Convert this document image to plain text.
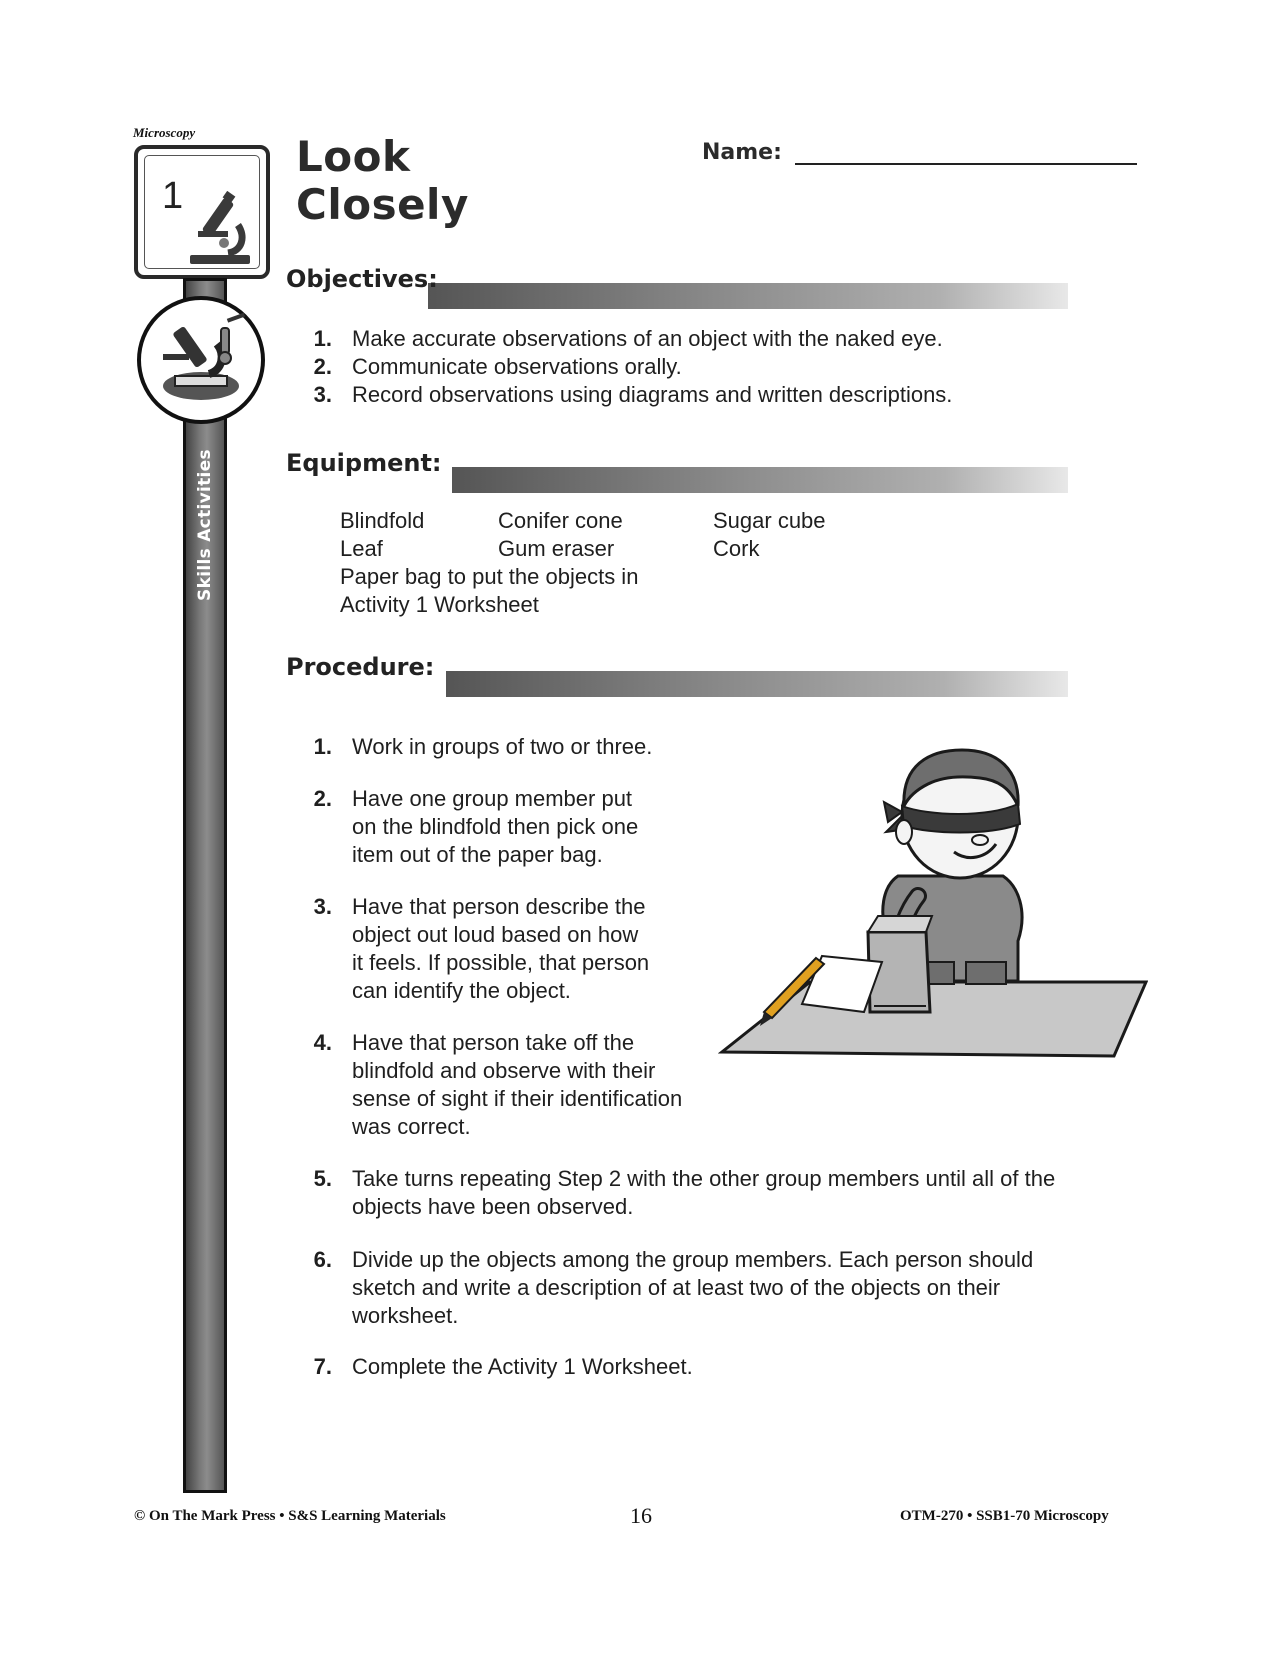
Microscopy
1
Skills Activities
Look
Closely
Name:
Objectives:
1. Make accurate observations of an object with the naked eye.
2. Communicate observations orally.
3. Record observations using diagrams and written descriptions.
Equipment:
Blindfold
Leaf
Conifer cone
Gum eraser
Sugar cube
Cork
Paper bag to put the objects in
Activity 1 Worksheet
Procedure:
1. Work in groups of two or three.
2. Have one group member put
on the blindfold then pick one
item out of the paper bag.
3. Have that person describe the
object out loud based on how
it feels. If possible, that person
can identify the object.
4. Have that person take off the
blindfold and observe with their
sense of sight if their identification
was correct.
5. Take turns repeating Step 2 with the other group members until all of the
objects have been observed.
6. Divide up the objects among the group members. Each person should
sketch and write a description of at least two of the objects on their
worksheet.
7. Complete the Activity 1 Worksheet.
© On The Mark Press • S&S Learning Materials	16	OTM-270 • SSB1-70 Microscopy
